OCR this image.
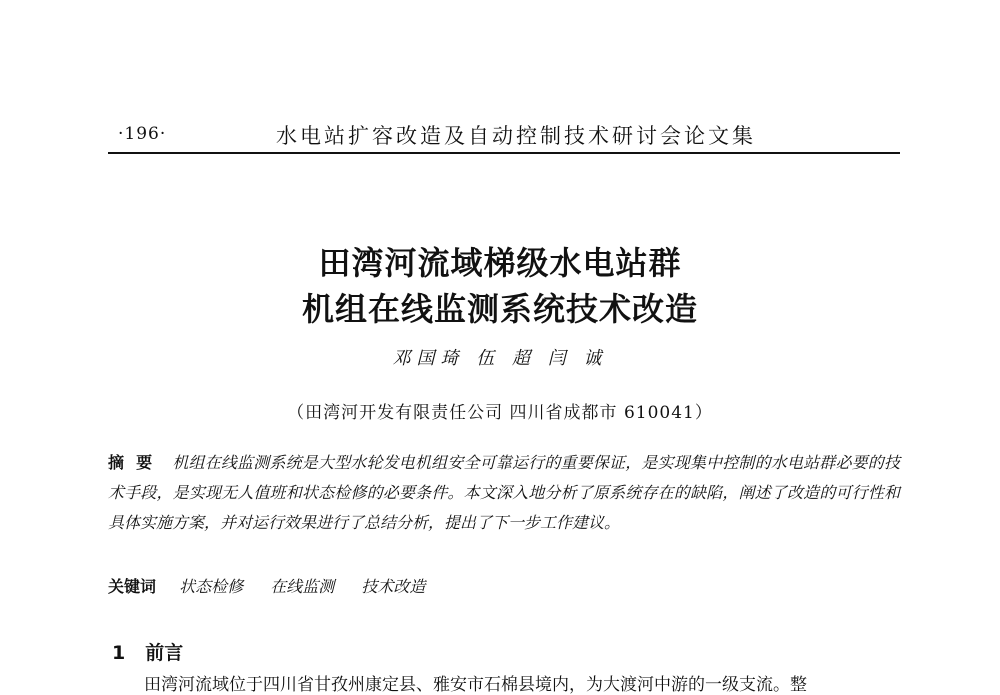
·196·	水电站扩容改造及自动控制技术研讨会论文集
田湾河流域梯级水电站群
机组在线监测系统技术改造
邓国琦 伍 超 闫 诚
（田湾河开发有限责任公司 四川省成都市 610041）
摘要 机组在线监测系统是大型水轮发电机组安全可靠运行的重要保证，是实现集中控制的水电站群必要的技术手段，是实现无人值班和状态检修的必要条件。本文深入地分析了原系统存在的缺陷，阐述了改造的可行性和具体实施方案，并对运行效果进行了总结分析，提出了下一步工作建议。
关键词 状态检修 在线监测 技术改造
1 前言
田湾河流域位于四川省甘孜州康定县、雅安市石棉县境内，为大渡河中游的一级支流。整
